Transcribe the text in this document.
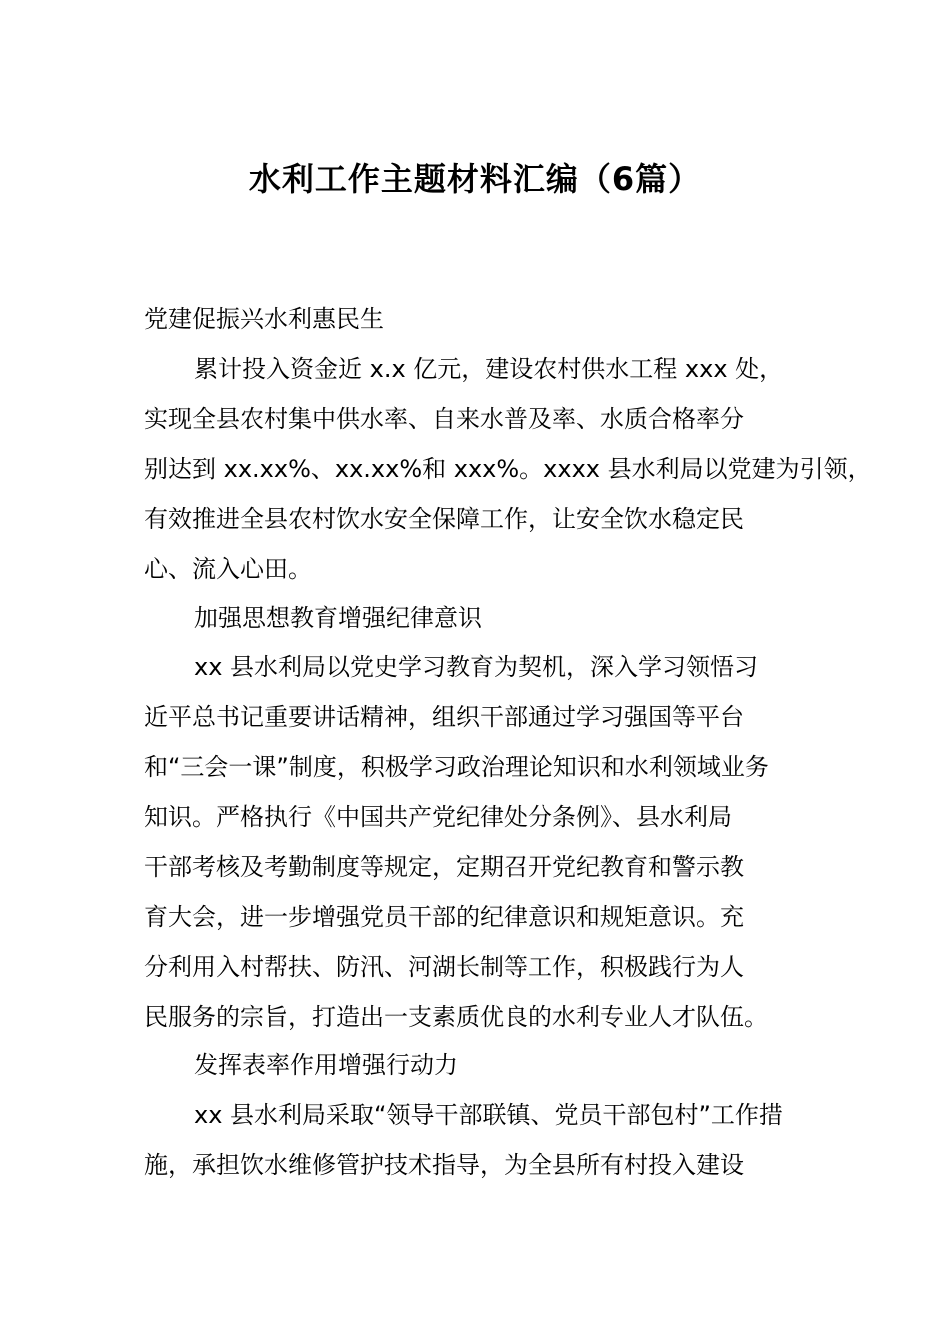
水利工作主题材料汇编（6篇）
党建促振兴水利惠民生
累计投入资金近 x.x 亿元，建设农村供水工程 xxx 处，
实现全县农村集中供水率、自来水普及率、水质合格率分
别达到 xx.xx%、xx.xx%和 xxx%。xxxx 县水利局以党建为引领，
有效推进全县农村饮水安全保障工作，让安全饮水稳定民
心、流入心田。
加强思想教育增强纪律意识
xx 县水利局以党史学习教育为契机，深入学习领悟习
近平总书记重要讲话精神，组织干部通过学习强国等平台
和“三会一课”制度，积极学习政治理论知识和水利领域业务
知识。严格执行《中国共产党纪律处分条例》、县水利局
干部考核及考勤制度等规定，定期召开党纪教育和警示教
育大会，进一步增强党员干部的纪律意识和规矩意识。充
分利用入村帮扶、防汛、河湖长制等工作，积极践行为人
民服务的宗旨，打造出一支素质优良的水利专业人才队伍。
发挥表率作用增强行动力
xx 县水利局采取“领导干部联镇、党员干部包村”工作措
施，承担饮水维修管护技术指导，为全县所有村投入建设
